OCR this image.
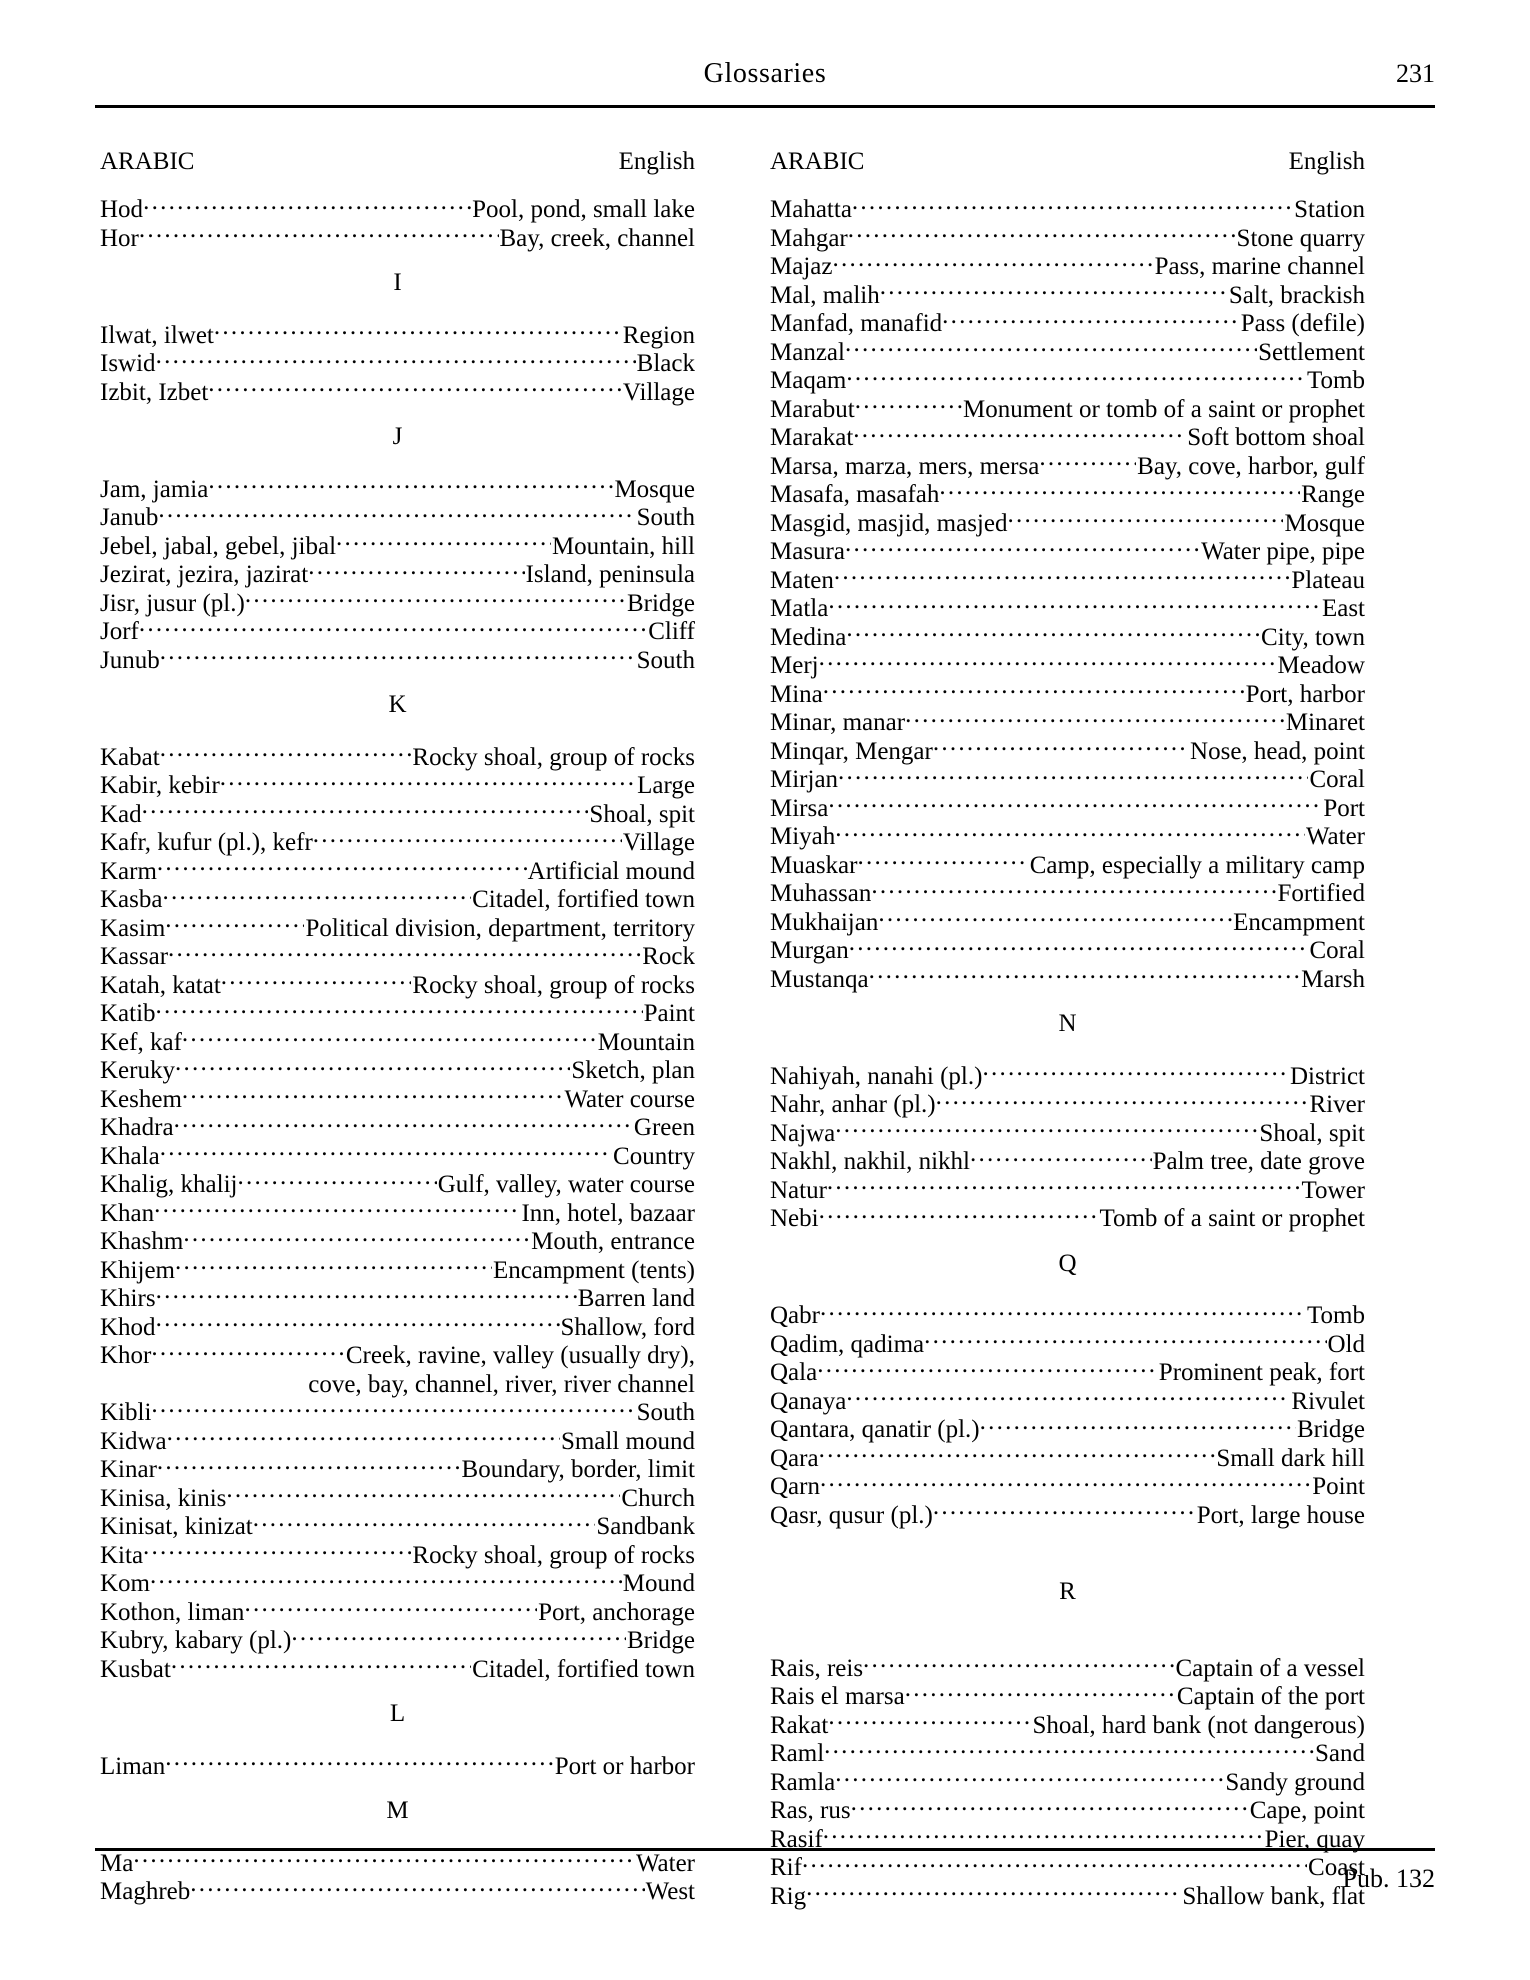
Glossaries	231
ARABIC	English
Hod . . .	Pool, pond, small lake
Hor . . .	Bay, creek, channel
I
Ilwat, ilwet . . .	Region
Iswid . . .	Black
Izbit, Izbet . . .	Village
J
Jam, jamia . . .	Mosque
Janub . . .	South
Jebel, jabal, gebel, jibal . . .	Mountain, hill
Jezirat, jezira, jazirat . . .	Island, peninsula
Jisr, jusur (pl.) . . .	Bridge
Jorf . . .	Cliff
Junub . . .	South
K
Kabat . . .	Rocky shoal, group of rocks
Kabir, kebir . . .	Large
Kad . . .	Shoal, spit
Kafr, kufur (pl.), kefr . . .	Village
Karm . . .	Artificial mound
Kasba . . .	Citadel, fortified town
Kasim . . .	Political division, department, territory
Kassar . . .	Rock
Katah, katat . . .	Rocky shoal, group of rocks
Katib . . .	Paint
Kef, kaf . . .	Mountain
Keruky . . .	Sketch, plan
Keshem . . .	Water course
Khadra . . .	Green
Khala . . .	Country
Khalig, khalij . . .	Gulf, valley, water course
Khan . . .	Inn, hotel, bazaar
Khashm . . .	Mouth, entrance
Khijem . . .	Encampment (tents)
Khirs . . .	Barren land
Khod . . .	Shallow, ford
Khor . . .	Creek, ravine, valley (usually dry),
cove, bay, channel, river, river channel
Kibli . . .	South
Kidwa . . .	Small mound
Kinar . . .	Boundary, border, limit
Kinisa, kinis . . .	Church
Kinisat, kinizat . . .	Sandbank
Kita . . .	Rocky shoal, group of rocks
Kom . . .	Mound
Kothon, liman . . .	Port, anchorage
Kubry, kabary (pl.) . . .	Bridge
Kusbat . . .	Citadel, fortified town
L
Liman . . .	Port or harbor
M
Ma . . .	Water
Maghreb . . .	West
ARABIC	English
Mahatta . . .	Station
Mahgar . . .	Stone quarry
Majaz . . .	Pass, marine channel
Mal, malih . . .	Salt, brackish
Manfad, manafid . . .	Pass (defile)
Manzal . . .	Settlement
Maqam . . .	Tomb
Marabut . . .	Monument or tomb of a saint or prophet
Marakat . . .	Soft bottom shoal
Marsa, marza, mers, mersa . . .	Bay, cove, harbor, gulf
Masafa, masafah . . .	Range
Masgid, masjid, masjed . . .	Mosque
Masura . . .	Water pipe, pipe
Maten . . .	Plateau
Matla . . .	East
Medina . . .	City, town
Merj . . .	Meadow
Mina . . .	Port, harbor
Minar, manar . . .	Minaret
Minqar, Mengar . . .	Nose, head, point
Mirjan . . .	Coral
Mirsa . . .	Port
Miyah . . .	Water
Muaskar . . .	Camp, especially a military camp
Muhassan . . .	Fortified
Mukhaijan . . .	Encampment
Murgan . . .	Coral
Mustanqa . . .	Marsh
N
Nahiyah, nanahi (pl.) . . .	District
Nahr, anhar (pl.) . . .	River
Najwa . . .	Shoal, spit
Nakhl, nakhil, nikhl . . .	Palm tree, date grove
Natur . . .	Tower
Nebi . . .	Tomb of a saint or prophet
Q
Qabr . . .	Tomb
Qadim, qadima . . .	Old
Qala . . .	Prominent peak, fort
Qanaya . . .	Rivulet
Qantara, qanatir (pl.) . . .	Bridge
Qara . . .	Small dark hill
Qarn . . .	Point
Qasr, qusur (pl.) . . .	Port, large house
R
Rais, reis . . .	Captain of a vessel
Rais el marsa . . .	Captain of the port
Rakat . . .	Shoal, hard bank (not dangerous)
Raml . . .	Sand
Ramla . . .	Sandy ground
Ras, rus . . .	Cape, point
Rasif . . .	Pier, quay
Rif . . .	Coast
Rig . . .	Shallow bank, flat
Pub. 132
